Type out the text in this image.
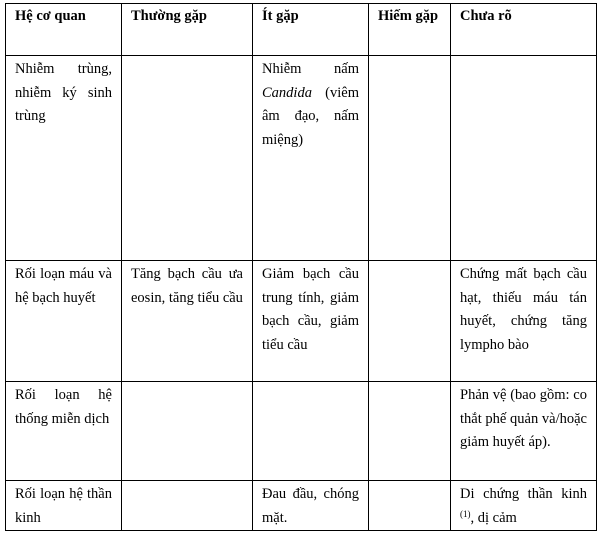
Hệ cơ quan	Thường gặp	Ít gặp	Hiếm gặp	Chưa rõ
Nhiễm trùng, nhiễm ký sinh trùng		Nhiễm nấm Candida (viêm âm đạo, nấm miệng)		
Rối loạn máu và hệ bạch huyết	Tăng bạch cầu ưa eosin, tăng tiểu cầu	Giảm bạch cầu trung tính, giảm bạch cầu, giảm tiểu cầu		Chứng mất bạch cầu hạt, thiếu máu tán huyết, chứng tăng lympho bào
Rối loạn hệ thống miễn dịch				Phản vệ (bao gồm: co thắt phế quản và/hoặc giảm huyết áp).
Rối loạn hệ thần kinh		Đau đầu, chóng mặt.		Di chứng thần kinh $^{(1)}$, dị cảm
